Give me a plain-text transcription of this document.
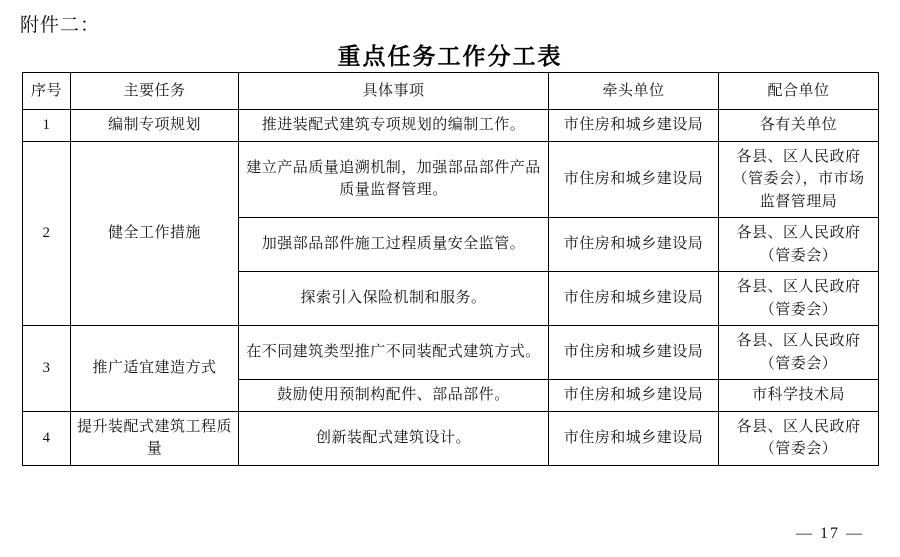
附件二：
重点任务工作分工表
序号	主要任务	具体事项	牵头单位	配合单位
1	编制专项规划	推进装配式建筑专项规划的编制工作。	市住房和城乡建设局	各有关单位
2	健全工作措施	建立产品质量追溯机制，加强部品部件产品质量监督管理。	市住房和城乡建设局	各县、区人民政府（管委会），市市场监督管理局
		加强部品部件施工过程质量安全监管。	市住房和城乡建设局	各县、区人民政府（管委会）
		探索引入保险机制和服务。	市住房和城乡建设局	各县、区人民政府（管委会）
3	推广适宜建造方式	在不同建筑类型推广不同装配式建筑方式。	市住房和城乡建设局	各县、区人民政府（管委会）
		鼓励使用预制构配件、部品部件。	市住房和城乡建设局	市科学技术局
4	提升装配式建筑工程质量	创新装配式建筑设计。	市住房和城乡建设局	各县、区人民政府（管委会）
— 17 —
